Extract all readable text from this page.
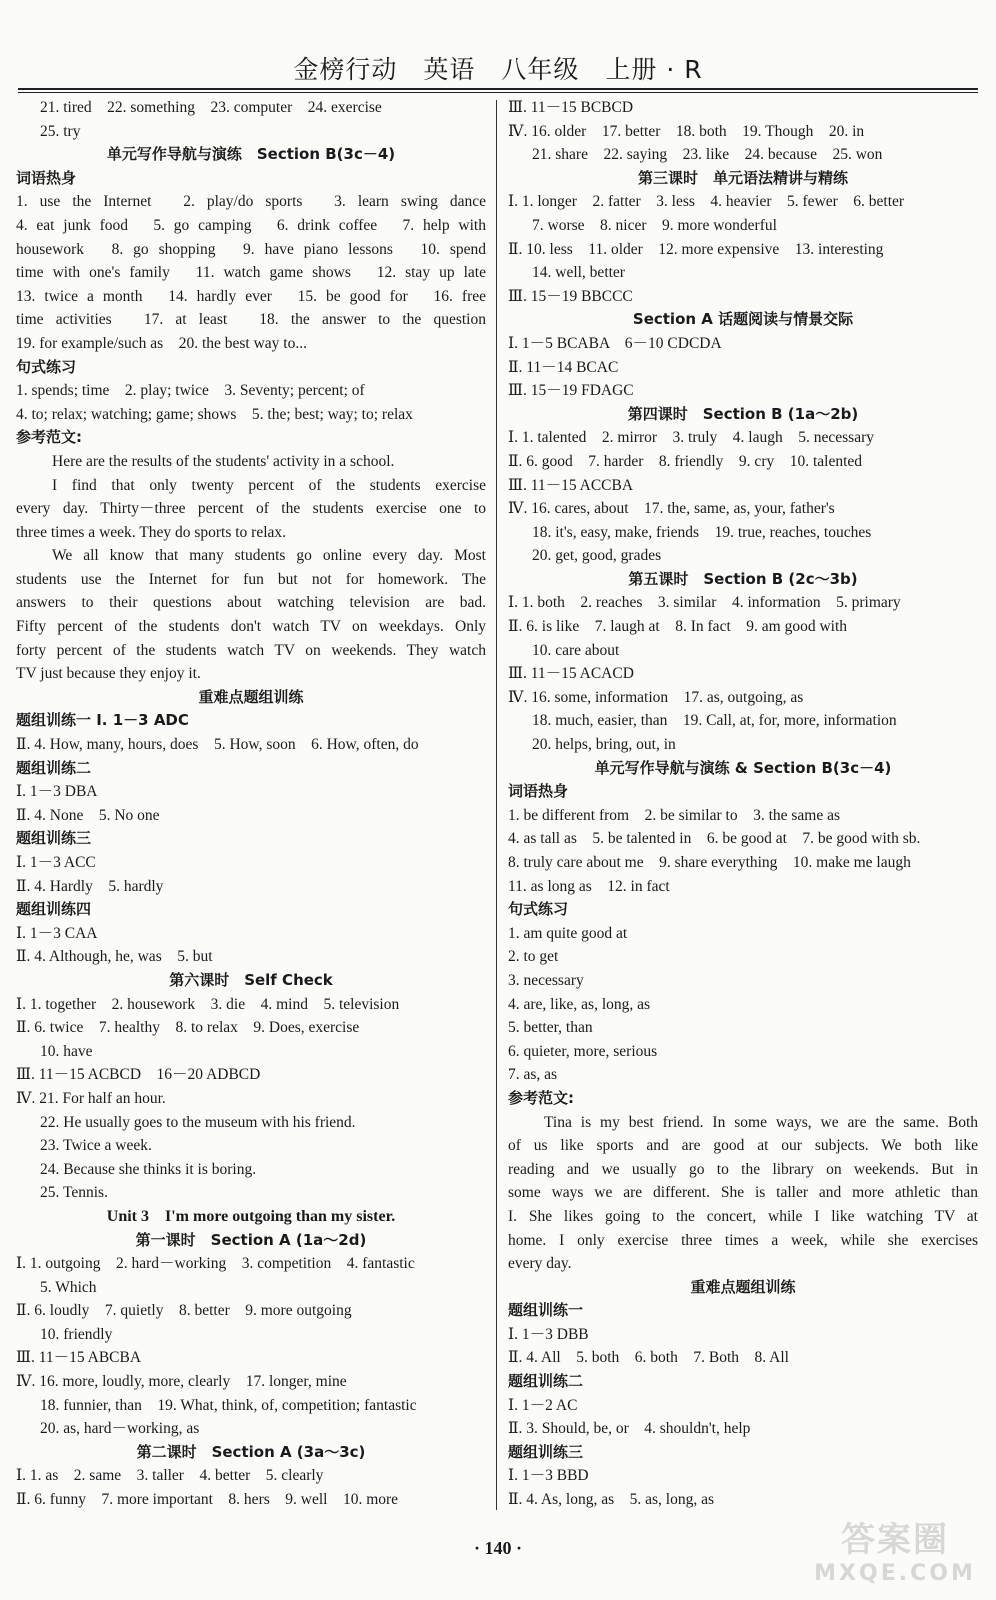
金榜行动　英语　八年级　上册 · R
21. tired　22. something　23. computer　24. exercise
25. try
单元写作导航与演练　Section B(3c－4)
词语热身
1. use the Internet　2. play/do sports　3. learn swing dance
4. eat junk food　5. go camping　6. drink coffee　7. help with
housework　8. go shopping　9. have piano lessons　10. spend
time with one's family　11. watch game shows　12. stay up late
13. twice a month　14. hardly ever　15. be good for　16. free
time activities　17. at least　18. the answer to the question
19. for example/such as　20. the best way to...
句式练习
1. spends; time　2. play; twice　3. Seventy; percent; of
4. to; relax; watching; game; shows　5. the; best; way; to; relax
参考范文:
Here are the results of the students' activity in a school.
I find that only twenty percent of the students exercise
every day. Thirty－three percent of the students exercise one to
three times a week. They do sports to relax.
We all know that many students go online every day. Most
students use the Internet for fun but not for homework. The
answers to their questions about watching television are bad.
Fifty percent of the students don't watch TV on weekdays. Only
forty percent of the students watch TV on weekends. They watch
TV just because they enjoy it.
重难点题组训练
题组训练一 Ⅰ. 1－3 ADC
Ⅱ. 4. How, many, hours, does　5. How, soon　6. How, often, do
题组训练二
Ⅰ. 1－3 DBA
Ⅱ. 4. None　5. No one
题组训练三
Ⅰ. 1－3 ACC
Ⅱ. 4. Hardly　5. hardly
题组训练四
Ⅰ. 1－3 CAA
Ⅱ. 4. Although, he, was　5. but
第六课时　Self Check
Ⅰ. 1. together　2. housework　3. die　4. mind　5. television
Ⅱ. 6. twice　7. healthy　8. to relax　9. Does, exercise
10. have
Ⅲ. 11－15 ACBCD　16－20 ADBCD
Ⅳ. 21. For half an hour.
22. He usually goes to the museum with his friend.
23. Twice a week.
24. Because she thinks it is boring.
25. Tennis.
Unit 3　I'm more outgoing than my sister.
第一课时　Section A (1a～2d)
Ⅰ. 1. outgoing　2. hard－working　3. competition　4. fantastic
5. Which
Ⅱ. 6. loudly　7. quietly　8. better　9. more outgoing
10. friendly
Ⅲ. 11－15 ABCBA
Ⅳ. 16. more, loudly, more, clearly　17. longer, mine
18. funnier, than　19. What, think, of, competition; fantastic
20. as, hard－working, as
第二课时　Section A (3a～3c)
Ⅰ. 1. as　2. same　3. taller　4. better　5. clearly
Ⅱ. 6. funny　7. more important　8. hers　9. well　10. more
Ⅲ. 11－15 BCBCD
Ⅳ. 16. older　17. better　18. both　19. Though　20. in
21. share　22. saying　23. like　24. because　25. won
第三课时　单元语法精讲与精练
Ⅰ. 1. longer　2. fatter　3. less　4. heavier　5. fewer　6. better
7. worse　8. nicer　9. more wonderful
Ⅱ. 10. less　11. older　12. more expensive　13. interesting
14. well, better
Ⅲ. 15－19 BBCCC
Section A 话题阅读与情景交际
Ⅰ. 1－5 BCABA　6－10 CDCDA
Ⅱ. 11－14 BCAC
Ⅲ. 15－19 FDAGC
第四课时　Section B (1a～2b)
Ⅰ. 1. talented　2. mirror　3. truly　4. laugh　5. necessary
Ⅱ. 6. good　7. harder　8. friendly　9. cry　10. talented
Ⅲ. 11－15 ACCBA
Ⅳ. 16. cares, about　17. the, same, as, your, father's
18. it's, easy, make, friends　19. true, reaches, touches
20. get, good, grades
第五课时　Section B (2c～3b)
Ⅰ. 1. both　2. reaches　3. similar　4. information　5. primary
Ⅱ. 6. is like　7. laugh at　8. In fact　9. am good with
10. care about
Ⅲ. 11－15 ACACD
Ⅳ. 16. some, information　17. as, outgoing, as
18. much, easier, than　19. Call, at, for, more, information
20. helps, bring, out, in
单元写作导航与演练 & Section B(3c－4)
词语热身
1. be different from　2. be similar to　3. the same as
4. as tall as　5. be talented in　6. be good at　7. be good with sb.
8. truly care about me　9. share everything　10. make me laugh
11. as long as　12. in fact
句式练习
1. am quite good at
2. to get
3. necessary
4. are, like, as, long, as
5. better, than
6. quieter, more, serious
7. as, as
参考范文:
Tina is my best friend. In some ways, we are the same. Both
of us like sports and are good at our subjects. We both like
reading and we usually go to the library on weekends. But in
some ways we are different. She is taller and more athletic than
I. She likes going to the concert, while I like watching TV at
home. I only exercise three times a week, while she exercises
every day.
重难点题组训练
题组训练一
Ⅰ. 1－3 DBB
Ⅱ. 4. All　5. both　6. both　7. Both　8. All
题组训练二
Ⅰ. 1－2 AC
Ⅱ. 3. Should, be, or　4. shouldn't, help
题组训练三
Ⅰ. 1－3 BBD
Ⅱ. 4. As, long, as　5. as, long, as
· 140 ·	答案圈
MXQE.COM
